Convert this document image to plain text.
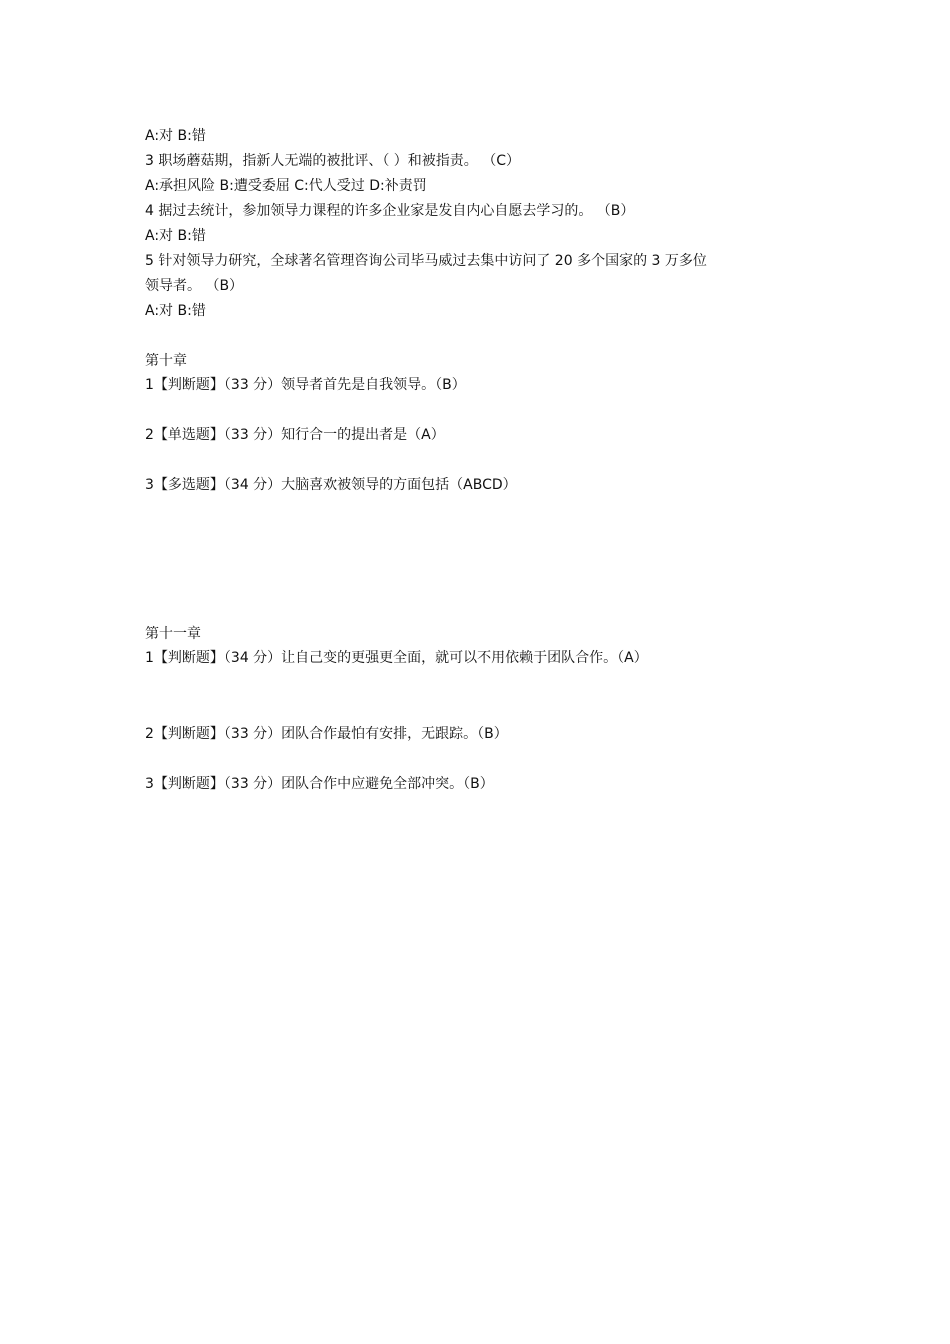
A:对 B:错
3 职场蘑菇期，指新人无端的被批评、（ ）和被指责。 （C）
A:承担风险 B:遭受委屈 C:代人受过 D:补责罚
4 据过去统计，参加领导力课程的许多企业家是发自内心自愿去学习的。 （B）
A:对 B:错
5 针对领导力研究，全球著名管理咨询公司毕马威过去集中访问了 20 多个国家的 3 万多位
领导者。 （B）
A:对 B:错
第十章
1【判断题】（33 分）领导者首先是自我领导。（B）
2【单选题】（33 分）知行合一的提出者是（A）
3【多选题】（34 分）大脑喜欢被领导的方面包括（ABCD）
第十一章
1【判断题】（34 分）让自己变的更强更全面，就可以不用依赖于团队合作。（A）
2【判断题】（33 分）团队合作最怕有安排，无跟踪。（B）
3【判断题】（33 分）团队合作中应避免全部冲突。（B）
